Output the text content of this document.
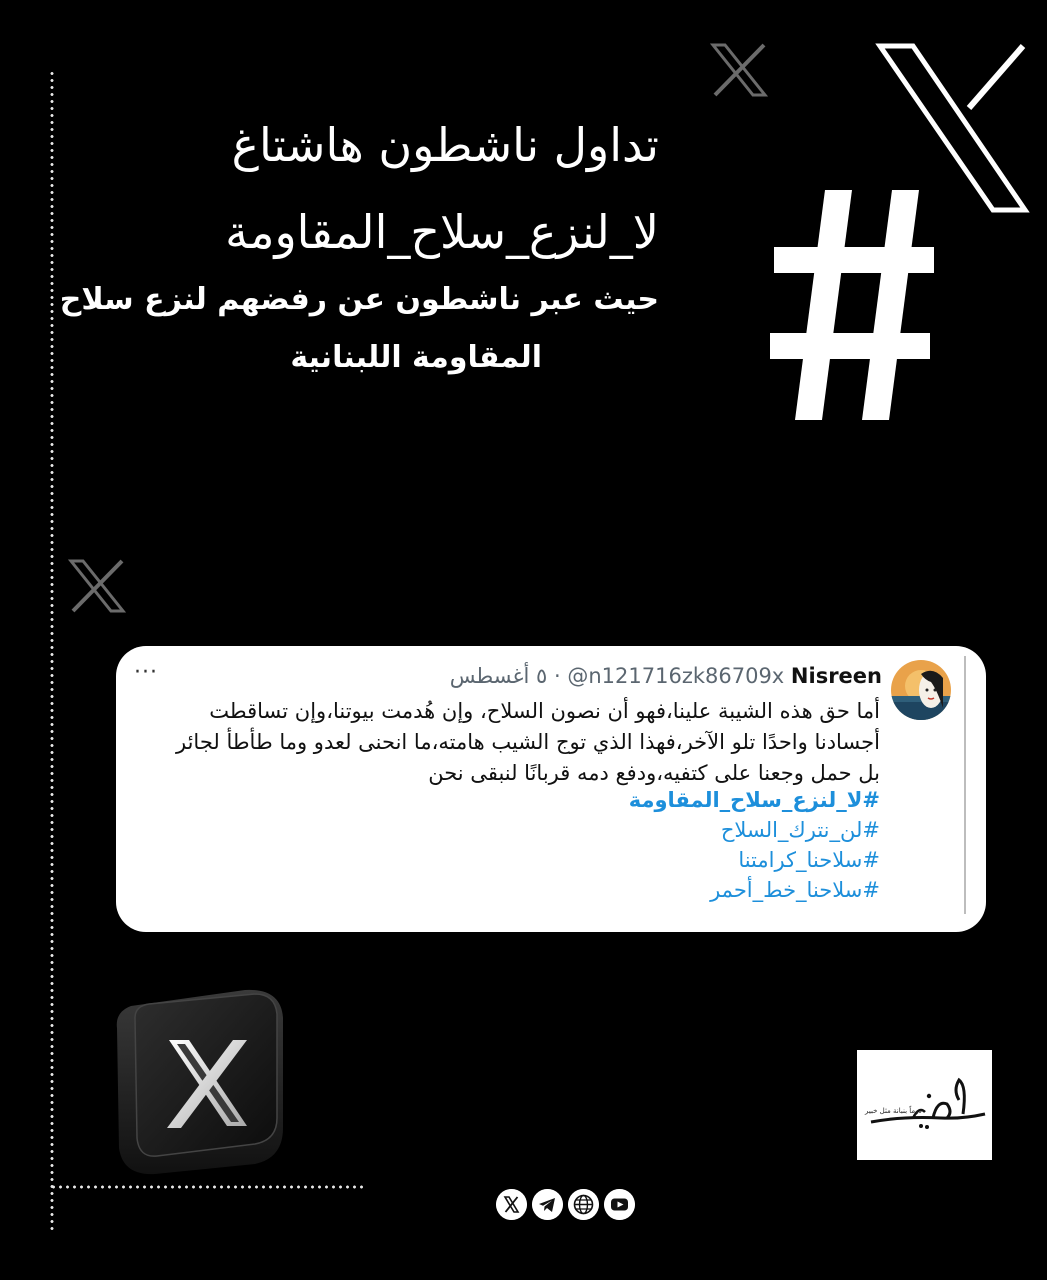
تداول ناشطون هاشتاغ
لا_لنزع_سلاح_المقاومة
حيث عبر ناشطون عن رفضهم لنزع سلاح
المقاومة اللبنانية
٥ أغسطس · @n121716zk86709x Nisreen
···
أما حق هذه الشيبة علينا،فهو أن نصون السلاح، وإن هُدمت بيوتنا،وإن تساقطت
أجسادنا واحدًا تلو الآخر،فهذا الذي توج الشيب هامته،ما انحنى لعدو وما طأطأ لجائر
بل حمل وجعنا على كتفيه،ودفع دمه قربانًا لنبقى نحن
#لا_لنزع_سلاح_المقاومة
#لن_نترك_السلاح
#سلاحنا_كرامتنا
#سلاحنا_خط_أحمر
دوماً بنبانة مثل خبير
